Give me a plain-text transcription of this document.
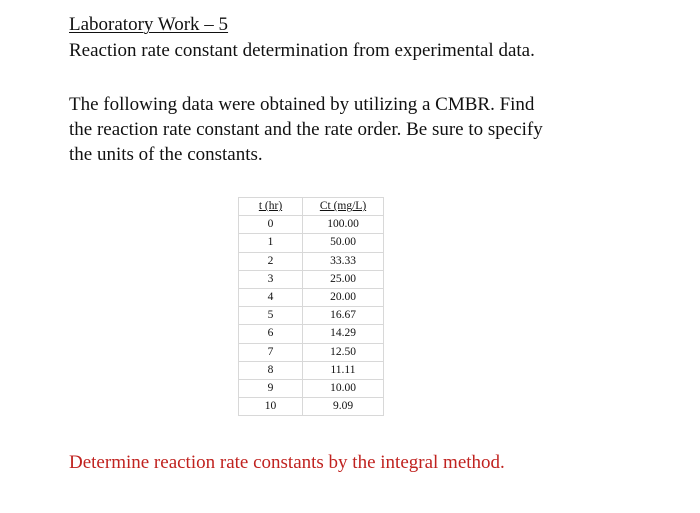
Laboratory Work – 5
Reaction rate constant determination from experimental data.
The following data were obtained by utilizing a CMBR. Find
the reaction rate constant and the rate order. Be sure to specify
the units of the constants.
t (hr)	Ct (mg/L)
0	100.00
1	50.00
2	33.33
3	25.00
4	20.00
5	16.67
6	14.29
7	12.50
8	11.11
9	10.00
10	9.09
Determine reaction rate constants by the integral method.
